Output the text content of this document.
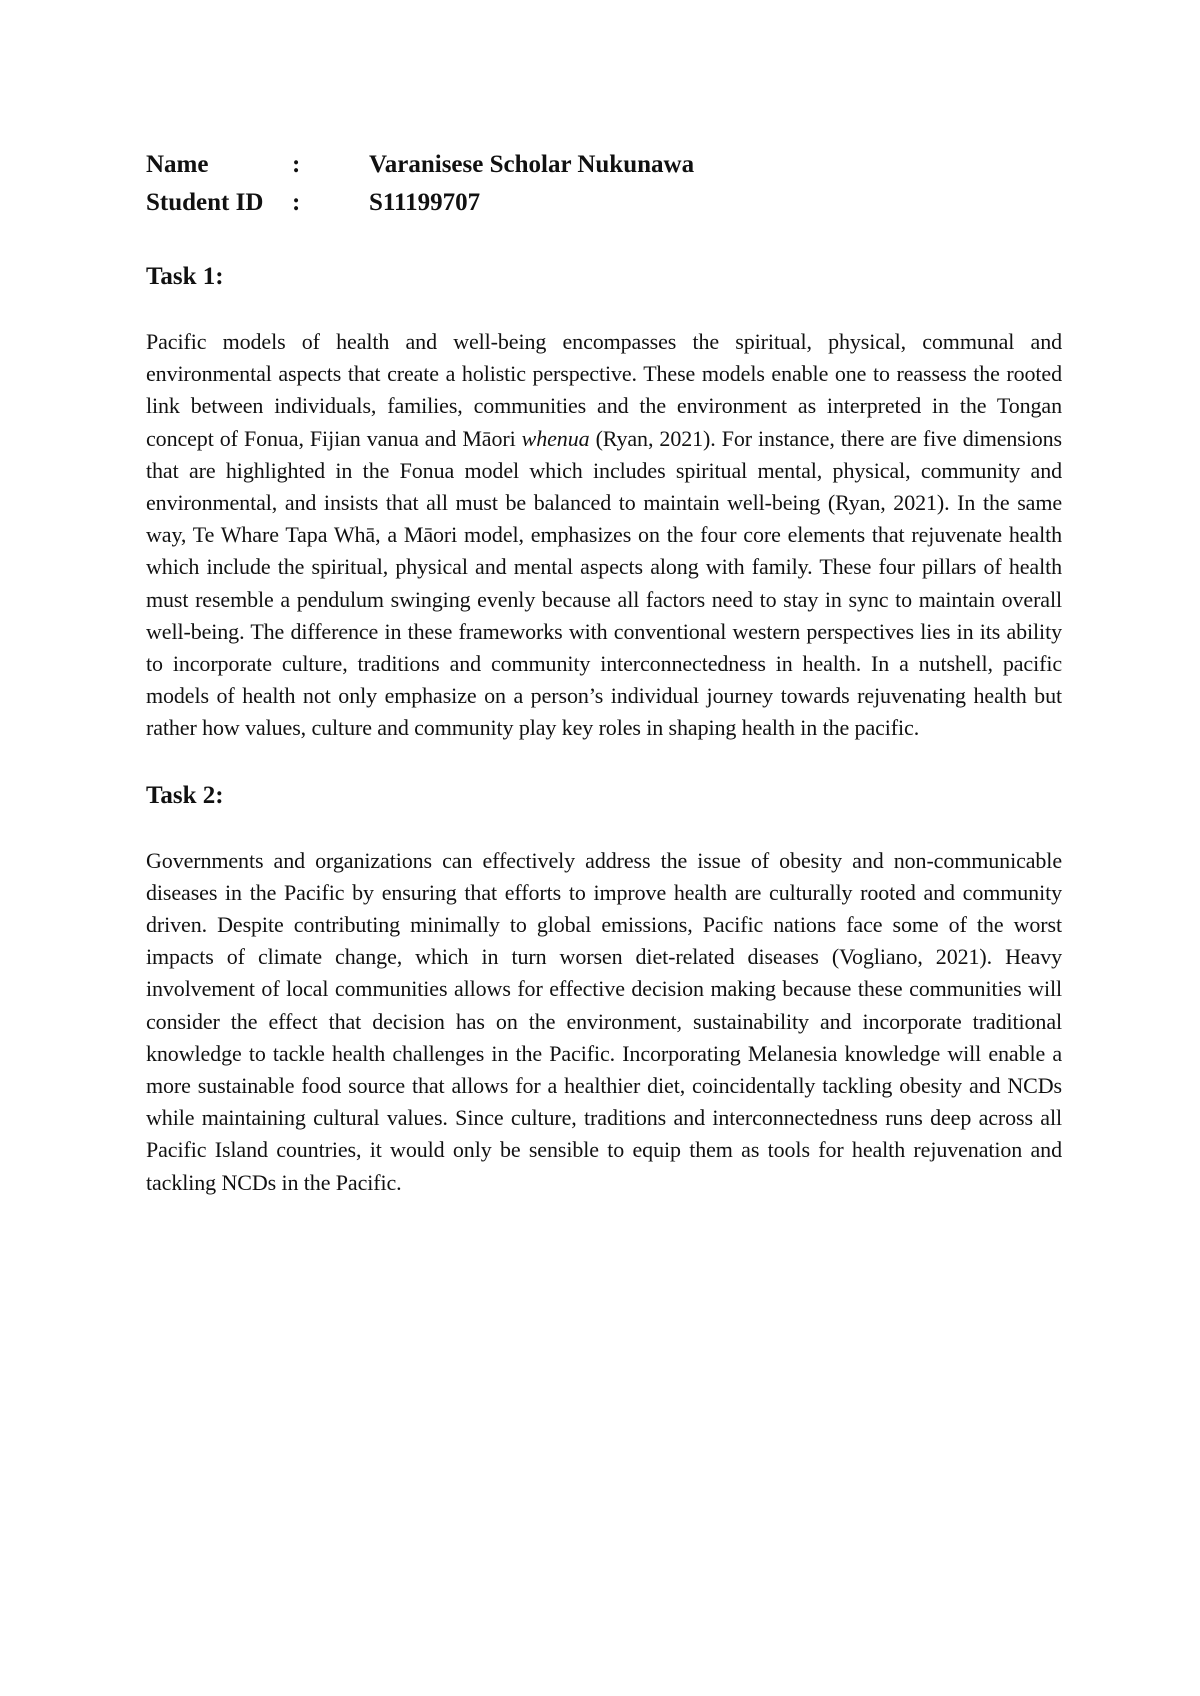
Name	:	Varanisese Scholar Nukunawa
Student ID	:	S11199707
Task 1:

Pacific models of health and well-being encompasses the spiritual, physical, communal and environmental aspects that create a holistic perspective. These models enable one to reassess the rooted link between individuals, families, communities and the environment as interpreted in the Tongan concept of Fonua, Fijian vanua and Māori whenua (Ryan, 2021). For instance, there are five dimensions that are highlighted in the Fonua model which includes spiritual mental, physical, community and environmental, and insists that all must be balanced to maintain well-being (Ryan, 2021). In the same way, Te Whare Tapa Whā, a Māori model, emphasizes on the four core elements that rejuvenate health which include the spiritual, physical and mental aspects along with family. These four pillars of health must resemble a pendulum swinging evenly because all factors need to stay in sync to maintain overall well-being. The difference in these frameworks with conventional western perspectives lies in its ability to incorporate culture, traditions and community interconnectedness in health. In a nutshell, pacific models of health not only emphasize on a person’s individual journey towards rejuvenating health but rather how values, culture and community play key roles in shaping health in the pacific.

Task 2:

Governments and organizations can effectively address the issue of obesity and non-communicable diseases in the Pacific by ensuring that efforts to improve health are culturally rooted and community driven. Despite contributing minimally to global emissions, Pacific nations face some of the worst impacts of climate change, which in turn worsen diet-related diseases (Vogliano, 2021). Heavy involvement of local communities allows for effective decision making because these communities will consider the effect that decision has on the environment, sustainability and incorporate traditional knowledge to tackle health challenges in the Pacific. Incorporating Melanesia knowledge will enable a more sustainable food source that allows for a healthier diet, coincidentally tackling obesity and NCDs while maintaining cultural values. Since culture, traditions and interconnectedness runs deep across all Pacific Island countries, it would only be sensible to equip them as tools for health rejuvenation and tackling NCDs in the Pacific.
